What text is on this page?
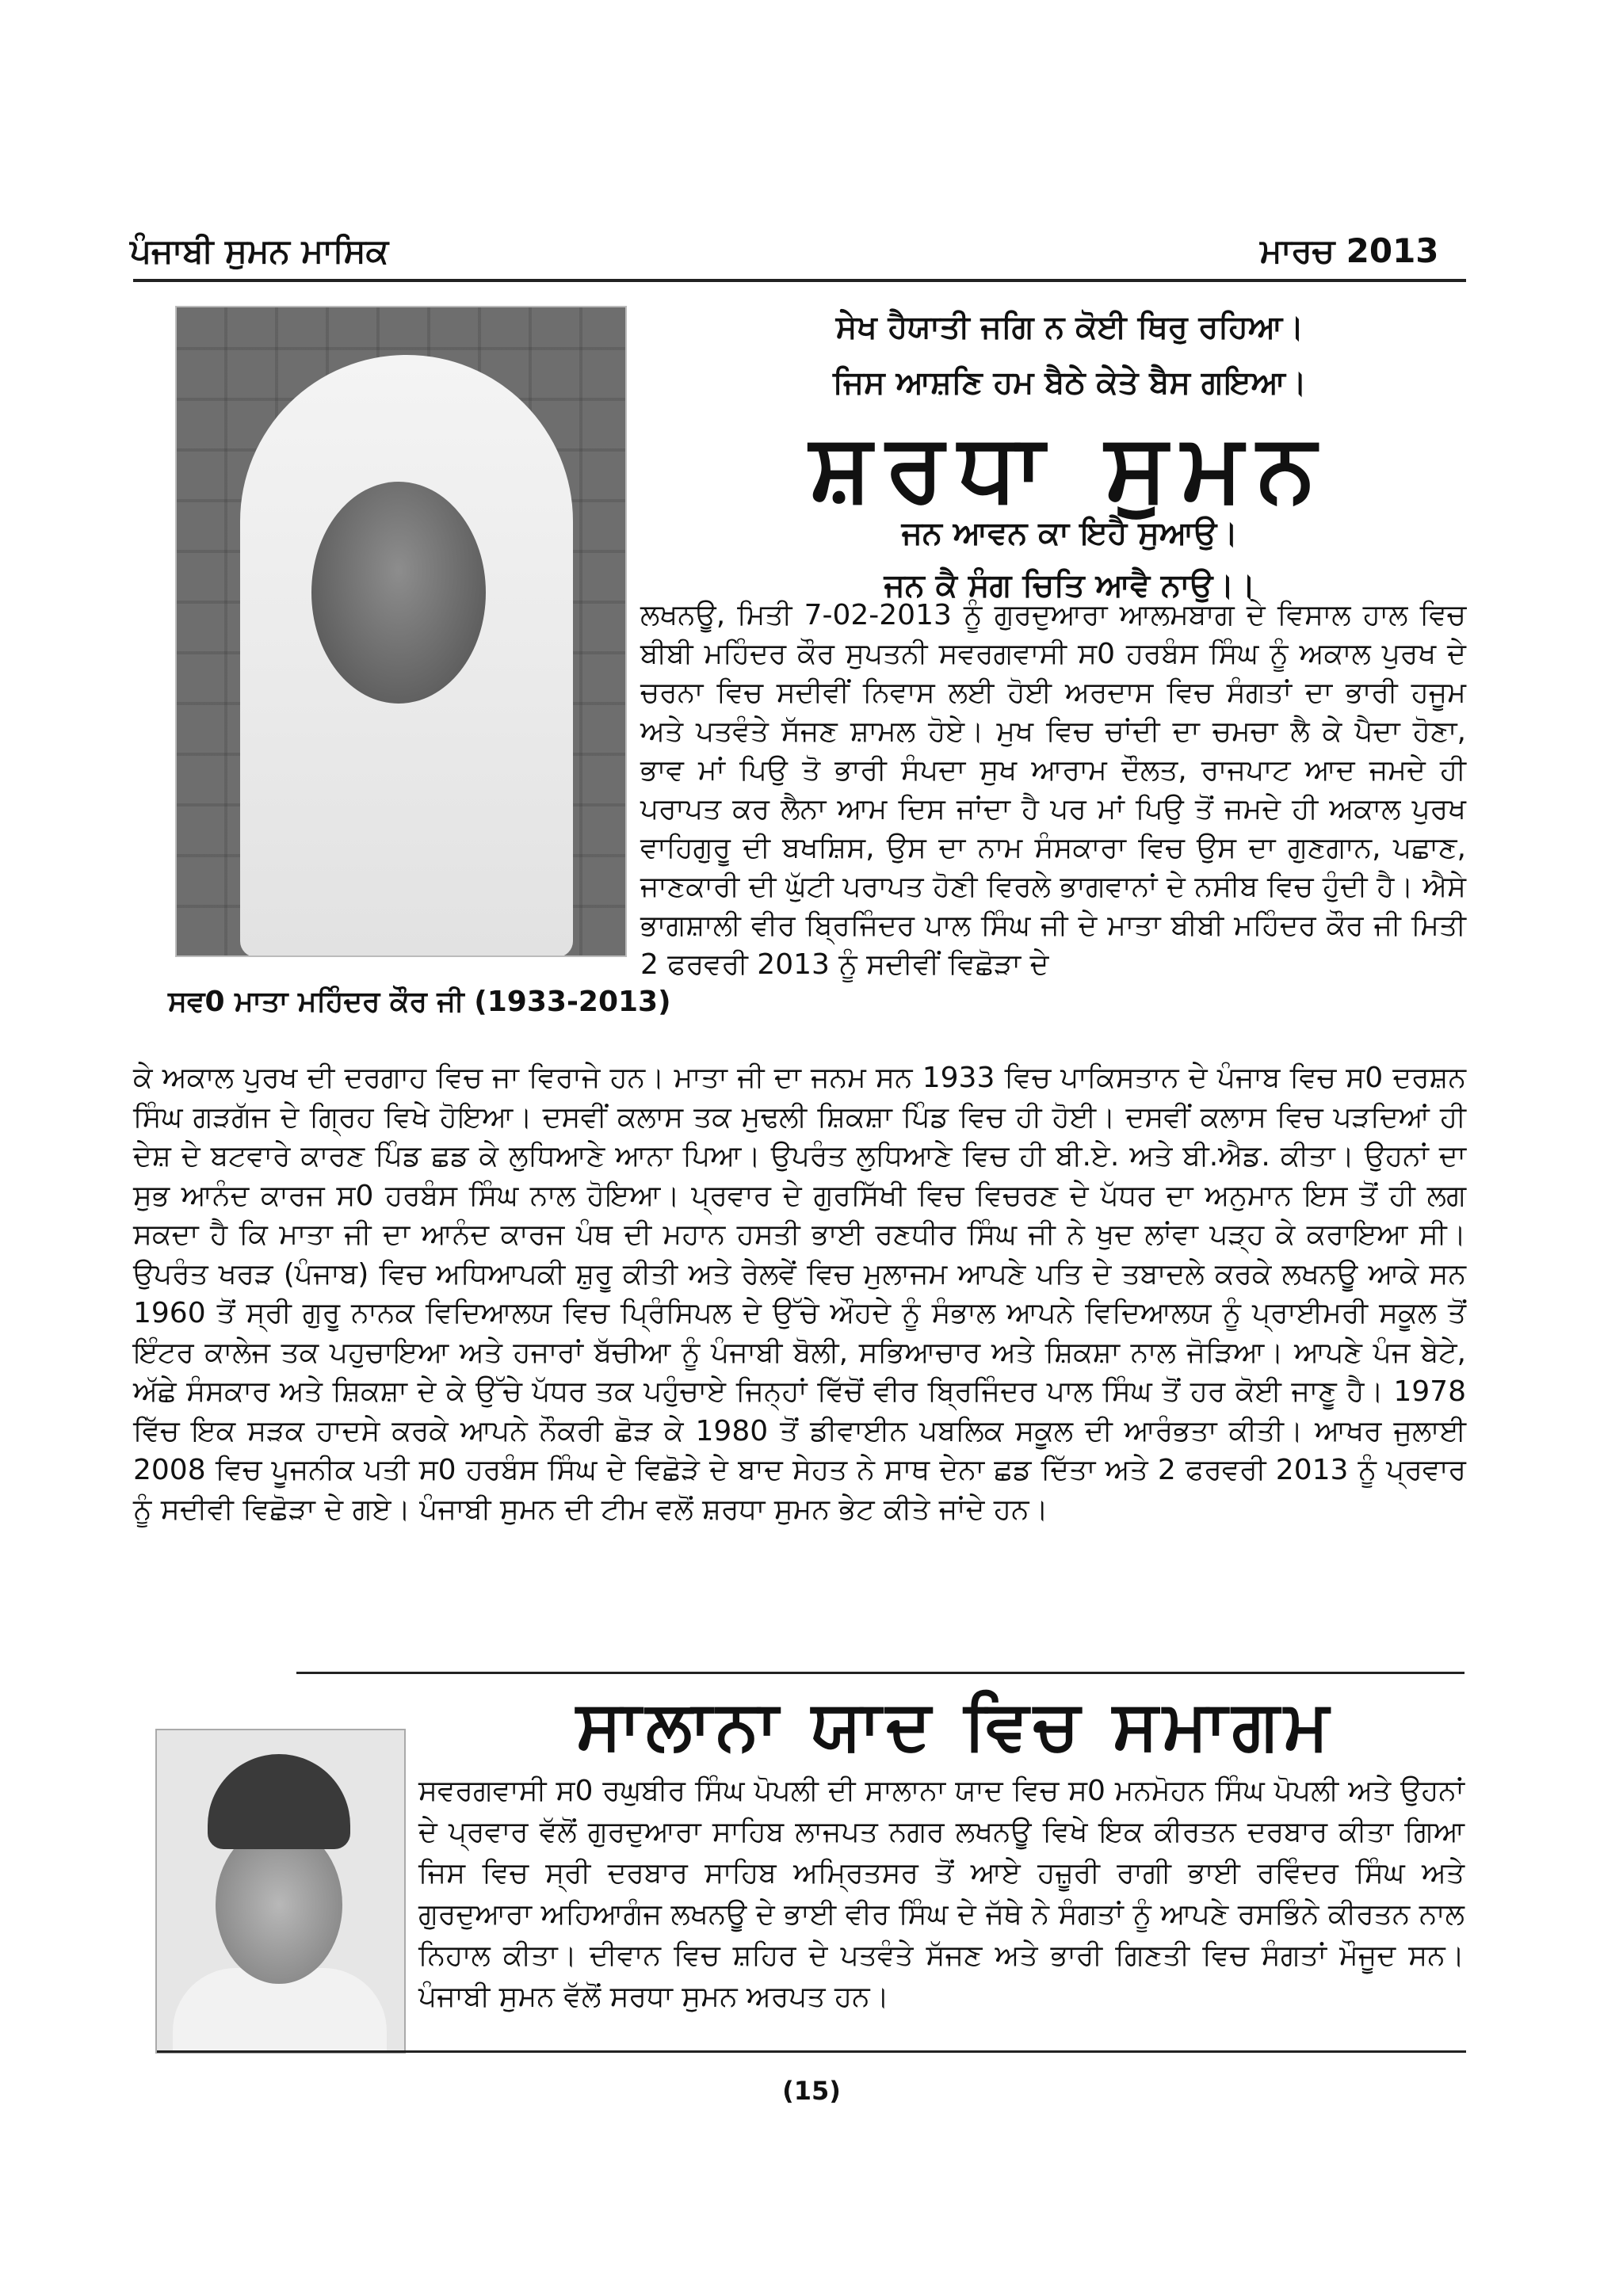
ਪੰਜਾਬੀ ਸੁਮਨ ਮਾਸਿਕ	ਮਾਰਚ 2013
ਸਵ0 ਮਾਤਾ ਮਹਿੰਦਰ ਕੌਰ ਜੀ (1933-2013)
ਸੇਖ ਹੈਯਾਤੀ ਜਗਿ ਨ ਕੋਈ ਥਿਰੁ ਰਹਿਆ।
ਜਿਸ ਆਸ਼ਣਿ ਹਮ ਬੈਠੇ ਕੇਤੇ ਬੈਸ ਗਇਆ।
ਸ਼ਰਧਾ ਸੁਮਨ
ਜਨ ਆਵਨ ਕਾ ਇਹੈ ਸੁਆਉ।
ਜਨ ਕੈ ਸੰਗ ਚਿਤਿ ਆਵੈ ਨਾਉ।।
ਲਖਨਊ, ਮਿਤੀ 7-02-2013 ਨੂੰ ਗੁਰਦੁਆਰਾ ਆਲਮਬਾਗ ਦੇ ਵਿਸਾਲ ਹਾਲ ਵਿਚ ਬੀਬੀ ਮਹਿੰਦਰ ਕੌਰ ਸੁਪਤਨੀ ਸਵਰਗਵਾਸੀ ਸ0 ਹਰਬੰਸ ਸਿੰਘ ਨੂੰ ਅਕਾਲ ਪੁਰਖ ਦੇ ਚਰਨਾ ਵਿਚ ਸਦੀਵੀਂ ਨਿਵਾਸ ਲਈ ਹੋਈ ਅਰਦਾਸ ਵਿਚ ਸੰਗਤਾਂ ਦਾ ਭਾਰੀ ਹਜੂਮ ਅਤੇ ਪਤਵੰਤੇ ਸੱਜਣ ਸ਼ਾਮਲ ਹੋਏ। ਮੁਖ ਵਿਚ ਚਾਂਦੀ ਦਾ ਚਮਚਾ ਲੈ ਕੇ ਪੈਦਾ ਹੋਣਾ, ਭਾਵ ਮਾਂ ਪਿਉ ਤੋ ਭਾਰੀ ਸੰਪਦਾ ਸੁਖ ਆਰਾਮ ਦੌਲਤ, ਰਾਜਪਾਟ ਆਦ ਜਮਦੇ ਹੀ ਪਰਾਪਤ ਕਰ ਲੈਨਾ ਆਮ ਦਿਸ ਜਾਂਦਾ ਹੈ ਪਰ ਮਾਂ ਪਿਉ ਤੋਂ ਜਮਦੇ ਹੀ ਅਕਾਲ ਪੁਰਖ ਵਾਹਿਗੁਰੂ ਦੀ ਬਖਸ਼ਿਸ, ਉਸ ਦਾ ਨਾਮ ਸੰਸਕਾਰਾ ਵਿਚ ਉਸ ਦਾ ਗੁਣਗਾਨ, ਪਛਾਣ, ਜਾਣਕਾਰੀ ਦੀ ਘੁੱਟੀ ਪਰਾਪਤ ਹੋਣੀ ਵਿਰਲੇ ਭਾਗਵਾਨਾਂ ਦੇ ਨਸੀਬ ਵਿਚ ਹੁੰਦੀ ਹੈ। ਐਸੇ ਭਾਗਸ਼ਾਲੀ ਵੀਰ ਬ੍ਰਿਜਿੰਦਰ ਪਾਲ ਸਿੰਘ ਜੀ ਦੇ ਮਾਤਾ ਬੀਬੀ ਮਹਿੰਦਰ ਕੌਰ ਜੀ ਮਿਤੀ 2 ਫਰਵਰੀ 2013 ਨੂੰ ਸਦੀਵੀਂ ਵਿਛੋੜਾ ਦੇ
ਕੇ ਅਕਾਲ ਪੁਰਖ ਦੀ ਦਰਗਾਹ ਵਿਚ ਜਾ ਵਿਰਾਜੇ ਹਨ। ਮਾਤਾ ਜੀ ਦਾ ਜਨਮ ਸਨ 1933 ਵਿਚ ਪਾਕਿਸਤਾਨ ਦੇ ਪੰਜਾਬ ਵਿਚ ਸ0 ਦਰਸ਼ਨ ਸਿੰਘ ਗੜਗੱਜ ਦੇ ਗ੍ਰਿਹ ਵਿਖੇ ਹੋਇਆ। ਦਸਵੀਂ ਕਲਾਸ ਤਕ ਮੁਢਲੀ ਸ਼ਿਕਸ਼ਾ ਪਿੰਡ ਵਿਚ ਹੀ ਹੋਈ। ਦਸਵੀਂ ਕਲਾਸ ਵਿਚ ਪੜਦਿਆਂ ਹੀ ਦੇਸ਼ ਦੇ ਬਟਵਾਰੇ ਕਾਰਣ ਪਿੰਡ ਛਡ ਕੇ ਲੁਧਿਆਣੇ ਆਨਾ ਪਿਆ। ਉਪਰੰਤ ਲੁਧਿਆਣੇ ਵਿਚ ਹੀ ਬੀ.ਏ. ਅਤੇ ਬੀ.ਐਡ. ਕੀਤਾ। ਉਹਨਾਂ ਦਾ ਸੁਭ ਆਨੰਦ ਕਾਰਜ ਸ0 ਹਰਬੰਸ ਸਿੰਘ ਨਾਲ ਹੋਇਆ। ਪ੍ਰਵਾਰ ਦੇ ਗੁਰਸਿੱਖੀ ਵਿਚ ਵਿਚਰਣ ਦੇ ਪੱਧਰ ਦਾ ਅਨੁਮਾਨ ਇਸ ਤੋਂ ਹੀ ਲਗ ਸਕਦਾ ਹੈ ਕਿ ਮਾਤਾ ਜੀ ਦਾ ਆਨੰਦ ਕਾਰਜ ਪੰਥ ਦੀ ਮਹਾਨ ਹਸਤੀ ਭਾਈ ਰਣਧੀਰ ਸਿੰਘ ਜੀ ਨੇ ਖੁਦ ਲਾਂਵਾ ਪੜ੍ਹ ਕੇ ਕਰਾਇਆ ਸੀ। ਉਪਰੰਤ ਖਰੜ (ਪੰਜਾਬ) ਵਿਚ ਅਧਿਆਪਕੀ ਸ਼ੁਰੂ ਕੀਤੀ ਅਤੇ ਰੇਲਵੇਂ ਵਿਚ ਮੁਲਾਜਮ ਆਪਣੇ ਪਤਿ ਦੇ ਤਬਾਦਲੇ ਕਰਕੇ ਲਖਨਊ ਆਕੇ ਸਨ 1960 ਤੋਂ ਸ੍ਰੀ ਗੁਰੂ ਨਾਨਕ ਵਿਦਿਆਲਯ ਵਿਚ ਪ੍ਰਿੰਸਿਪਲ ਦੇ ਉੱਚੇ ਔਹਦੇ ਨੂੰ ਸੰਭਾਲ ਆਪਨੇ ਵਿਦਿਆਲਯ ਨੂੰ ਪ੍ਰਾਈਮਰੀ ਸਕੂਲ ਤੋਂ ਇੰਟਰ ਕਾਲੇਜ ਤਕ ਪਹੁਚਾਇਆ ਅਤੇ ਹਜਾਰਾਂ ਬੱਚੀਆ ਨੂੰ ਪੰਜਾਬੀ ਬੋਲੀ, ਸਭਿਆਚਾਰ ਅਤੇ ਸ਼ਿਕਸ਼ਾ ਨਾਲ ਜੋੜਿਆ। ਆਪਣੇ ਪੰਜ ਬੇਟੇ, ਅੱਛੇ ਸੰਸਕਾਰ ਅਤੇ ਸ਼ਿਕਸ਼ਾ ਦੇ ਕੇ ਉੱਚੇ ਪੱਧਰ ਤਕ ਪਹੁੰਚਾਏ ਜਿਨ੍ਹਾਂ ਵਿੱਚੋਂ ਵੀਰ ਬ੍ਰਿਜਿੰਦਰ ਪਾਲ ਸਿੰਘ ਤੋਂ ਹਰ ਕੋਈ ਜਾਣੂ ਹੈ। 1978 ਵਿੱਚ ਇਕ ਸੜਕ ਹਾਦਸੇ ਕਰਕੇ ਆਪਨੇ ਨੌਕਰੀ ਛੋੜ ਕੇ 1980 ਤੋਂ ਡੀਵਾਈਨ ਪਬਲਿਕ ਸਕੂਲ ਦੀ ਆਰੰਭਤਾ ਕੀਤੀ। ਆਖਰ ਜੁਲਾਈ 2008 ਵਿਚ ਪੂਜਨੀਕ ਪਤੀ ਸ0 ਹਰਬੰਸ ਸਿੰਘ ਦੇ ਵਿਛੋੜੇ ਦੇ ਬਾਦ ਸੇਹਤ ਨੇ ਸਾਥ ਦੇਨਾ ਛਡ ਦਿੱਤਾ ਅਤੇ 2 ਫਰਵਰੀ 2013 ਨੂੰ ਪ੍ਰਵਾਰ ਨੂੰ ਸਦੀਵੀ ਵਿਛੋੜਾ ਦੇ ਗਏ। ਪੰਜਾਬੀ ਸੁਮਨ ਦੀ ਟੀਮ ਵਲੋਂ ਸ਼ਰਧਾ ਸੁਮਨ ਭੇਟ ਕੀਤੇ ਜਾਂਦੇ ਹਨ।
ਸਾਲਾਨਾ ਯਾਦ ਵਿਚ ਸਮਾਗਮ
ਸਵਰਗਵਾਸੀ ਸ0 ਰਘੁਬੀਰ ਸਿੰਘ ਪੋਪਲੀ ਦੀ ਸਾਲਾਨਾ ਯਾਦ ਵਿਚ ਸ0 ਮਨਮੋਹਨ ਸਿੰਘ ਪੋਪਲੀ ਅਤੇ ਉਹਨਾਂ ਦੇ ਪ੍ਰਵਾਰ ਵੱਲੋਂ ਗੁਰਦੁਆਰਾ ਸਾਹਿਬ ਲਾਜਪਤ ਨਗਰ ਲਖਨਊ ਵਿਖੇ ਇਕ ਕੀਰਤਨ ਦਰਬਾਰ ਕੀਤਾ ਗਿਆ ਜਿਸ ਵਿਚ ਸ੍ਰੀ ਦਰਬਾਰ ਸਾਹਿਬ ਅਮ੍ਰਿਤਸਰ ਤੋਂ ਆਏ ਹਜ਼ੂਰੀ ਰਾਗੀ ਭਾਈ ਰਵਿੰਦਰ ਸਿੰਘ ਅਤੇ ਗੁਰਦੁਆਰਾ ਅਹਿਆਗੰਜ ਲਖਨਊ ਦੇ ਭਾਈ ਵੀਰ ਸਿੰਘ ਦੇ ਜੱਥੇ ਨੇ ਸੰਗਤਾਂ ਨੂੰ ਆਪਣੇ ਰਸਭਿੰਨੇ ਕੀਰਤਨ ਨਾਲ ਨਿਹਾਲ ਕੀਤਾ। ਦੀਵਾਨ ਵਿਚ ਸ਼ਹਿਰ ਦੇ ਪਤਵੰਤੇ ਸੱਜਣ ਅਤੇ ਭਾਰੀ ਗਿਣਤੀ ਵਿਚ ਸੰਗਤਾਂ ਮੌਜੂਦ ਸਨ। ਪੰਜਾਬੀ ਸੁਮਨ ਵੱਲੋਂ ਸਰਧਾ ਸੁਮਨ ਅਰਪਤ ਹਨ।
(15)
